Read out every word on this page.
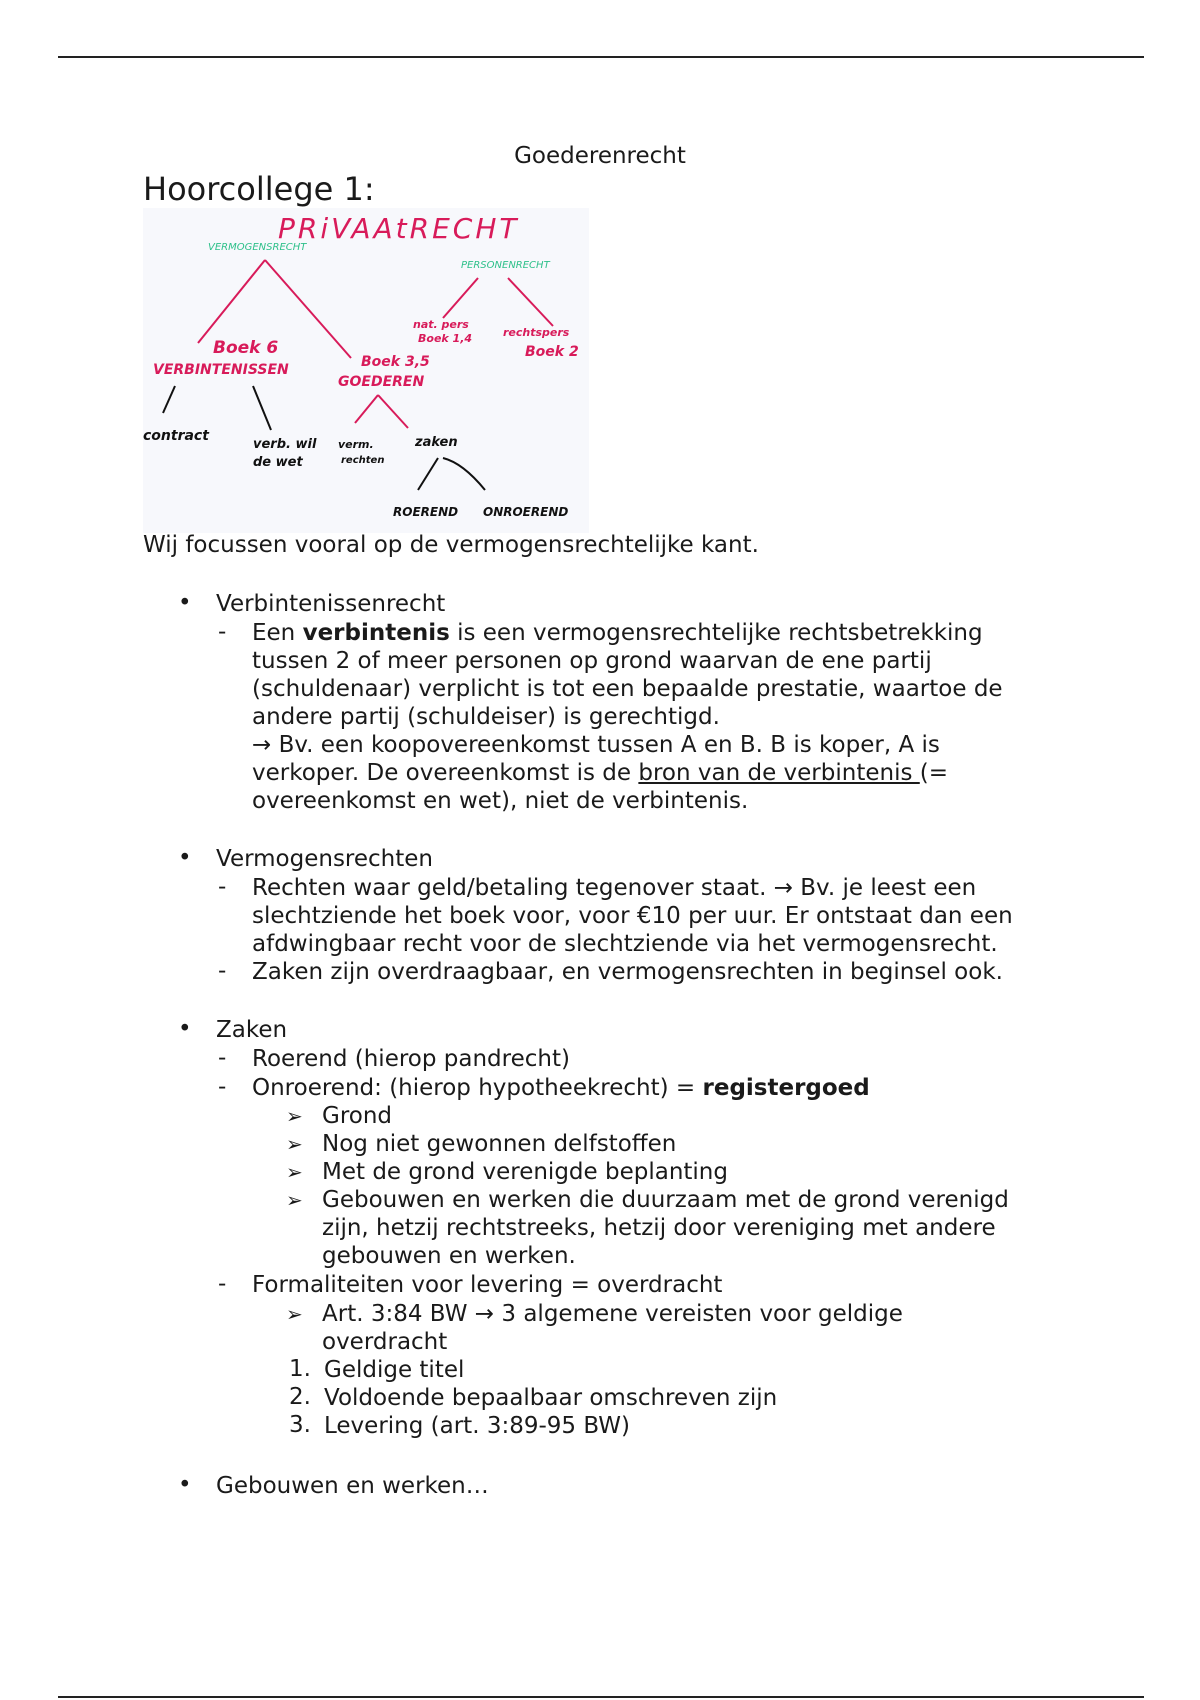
Goederenrecht
Hoorcollege 1:
PRiVAAtRECHT
VERMOGENSRECHT
PERSONENRECHT
Boek 6
VERBINTENISSEN	Boek 3,5
GOEDEREN
nat. pers
Boek 1,4	rechtspers
Boek 2
contract
verb. wil
de wet
verm.
rechten
zaken
ROEREND ONROEREND
Wij focussen vooral op de vermogensrechtelijke kant.
• Verbintenissenrecht
- Een verbintenis is een vermogensrechtelijke rechtsbetrekking
tussen 2 of meer personen op grond waarvan de ene partij
(schuldenaar) verplicht is tot een bepaalde prestatie, waartoe de
andere partij (schuldeiser) is gerechtigd.
→ Bv. een koopovereenkomst tussen A en B. B is koper, A is
verkoper. De overeenkomst is de bron van de verbintenis (=
overeenkomst en wet), niet de verbintenis.
• Vermogensrechten
- Rechten waar geld/betaling tegenover staat. → Bv. je leest een
slechtziende het boek voor, voor €10 per uur. Er ontstaat dan een
afdwingbaar recht voor de slechtziende via het vermogensrecht.
- Zaken zijn overdraagbaar, en vermogensrechten in beginsel ook.
• Zaken
- Roerend (hierop pandrecht)
- Onroerend: (hierop hypotheekrecht) = registergoed
➢ Grond
➢ Nog niet gewonnen delfstoffen
➢ Met de grond verenigde beplanting
➢ Gebouwen en werken die duurzaam met de grond verenigd
zijn, hetzij rechtstreeks, hetzij door vereniging met andere
gebouwen en werken.
- Formaliteiten voor levering = overdracht
➢ Art. 3:84 BW → 3 algemene vereisten voor geldige
overdracht
1. Geldige titel
2. Voldoende bepaalbaar omschreven zijn
3. Levering (art. 3:89-95 BW)
• Gebouwen en werken…
